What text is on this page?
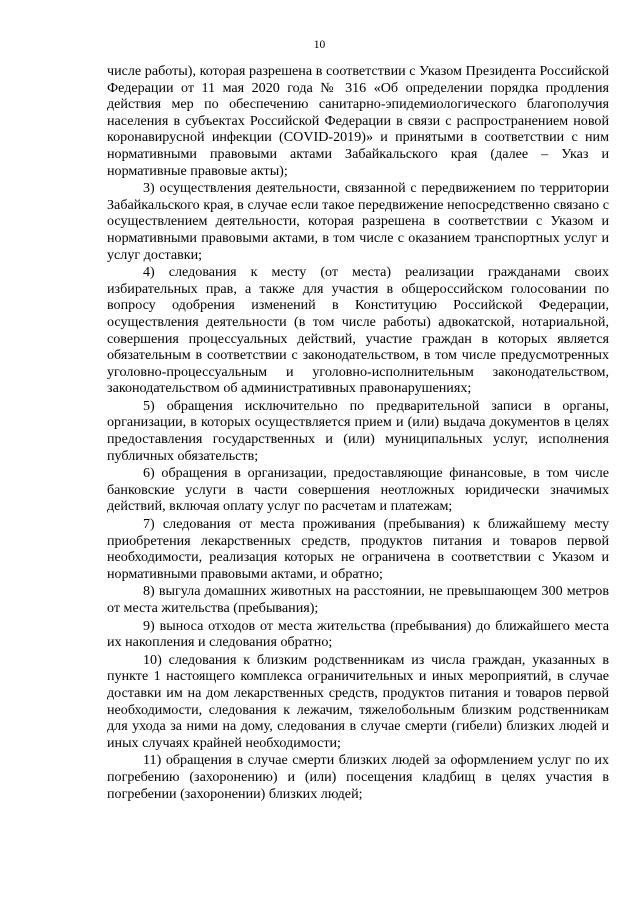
10

числе работы), которая разрешена в соответствии с Указом Президента Российской Федерации от 11 мая 2020 года № 316 «Об определении порядка продления действия мер по обеспечению санитарно-эпидемиологического благополучия населения в субъектах Российской Федерации в связи с распространением новой коронавирусной инфекции (COVID-2019)» и принятыми в соответствии с ним нормативными правовыми актами Забайкальского края (далее – Указ и нормативные правовые акты);

3) осуществления деятельности, связанной с передвижением по территории Забайкальского края, в случае если такое передвижение непосредственно связано с осуществлением деятельности, которая разрешена в соответствии с Указом и нормативными правовыми актами, в том числе с оказанием транспортных услуг и услуг доставки;

4) следования к месту (от места) реализации гражданами своих избирательных прав, а также для участия в общероссийском голосовании по вопросу одобрения изменений в Конституцию Российской Федерации, осуществления деятельности (в том числе работы) адвокатской, нотариальной, совершения процессуальных действий, участие граждан в которых является обязательным в соответствии с законодательством, в том числе предусмотренных уголовно-процессуальным и уголовно-исполнительным законодательством, законодательством об административных правонарушениях;

5) обращения исключительно по предварительной записи в органы, организации, в которых осуществляется прием и (или) выдача документов в целях предоставления государственных и (или) муниципальных услуг, исполнения публичных обязательств;

6) обращения в организации, предоставляющие финансовые, в том числе банковские услуги в части совершения неотложных юридически значимых действий, включая оплату услуг по расчетам и платежам;

7) следования от места проживания (пребывания) к ближайшему месту приобретения лекарственных средств, продуктов питания и товаров первой необходимости, реализация которых не ограничена в соответствии с Указом и нормативными правовыми актами, и обратно;

8) выгула домашних животных на расстоянии, не превышающем 300 метров от места жительства (пребывания);

9) выноса отходов от места жительства (пребывания) до ближайшего места их накопления и следования обратно;

10) следования к близким родственникам из числа граждан, указанных в пункте 1 настоящего комплекса ограничительных и иных мероприятий, в случае доставки им на дом лекарственных средств, продуктов питания и товаров первой необходимости, следования к лежачим, тяжелобольным близким родственникам для ухода за ними на дому, следования в случае смерти (гибели) близких людей и иных случаях крайней необходимости;

11) обращения в случае смерти близких людей за оформлением услуг по их погребению (захоронению) и (или) посещения кладбищ в целях участия в погребении (захоронении) близких людей;
